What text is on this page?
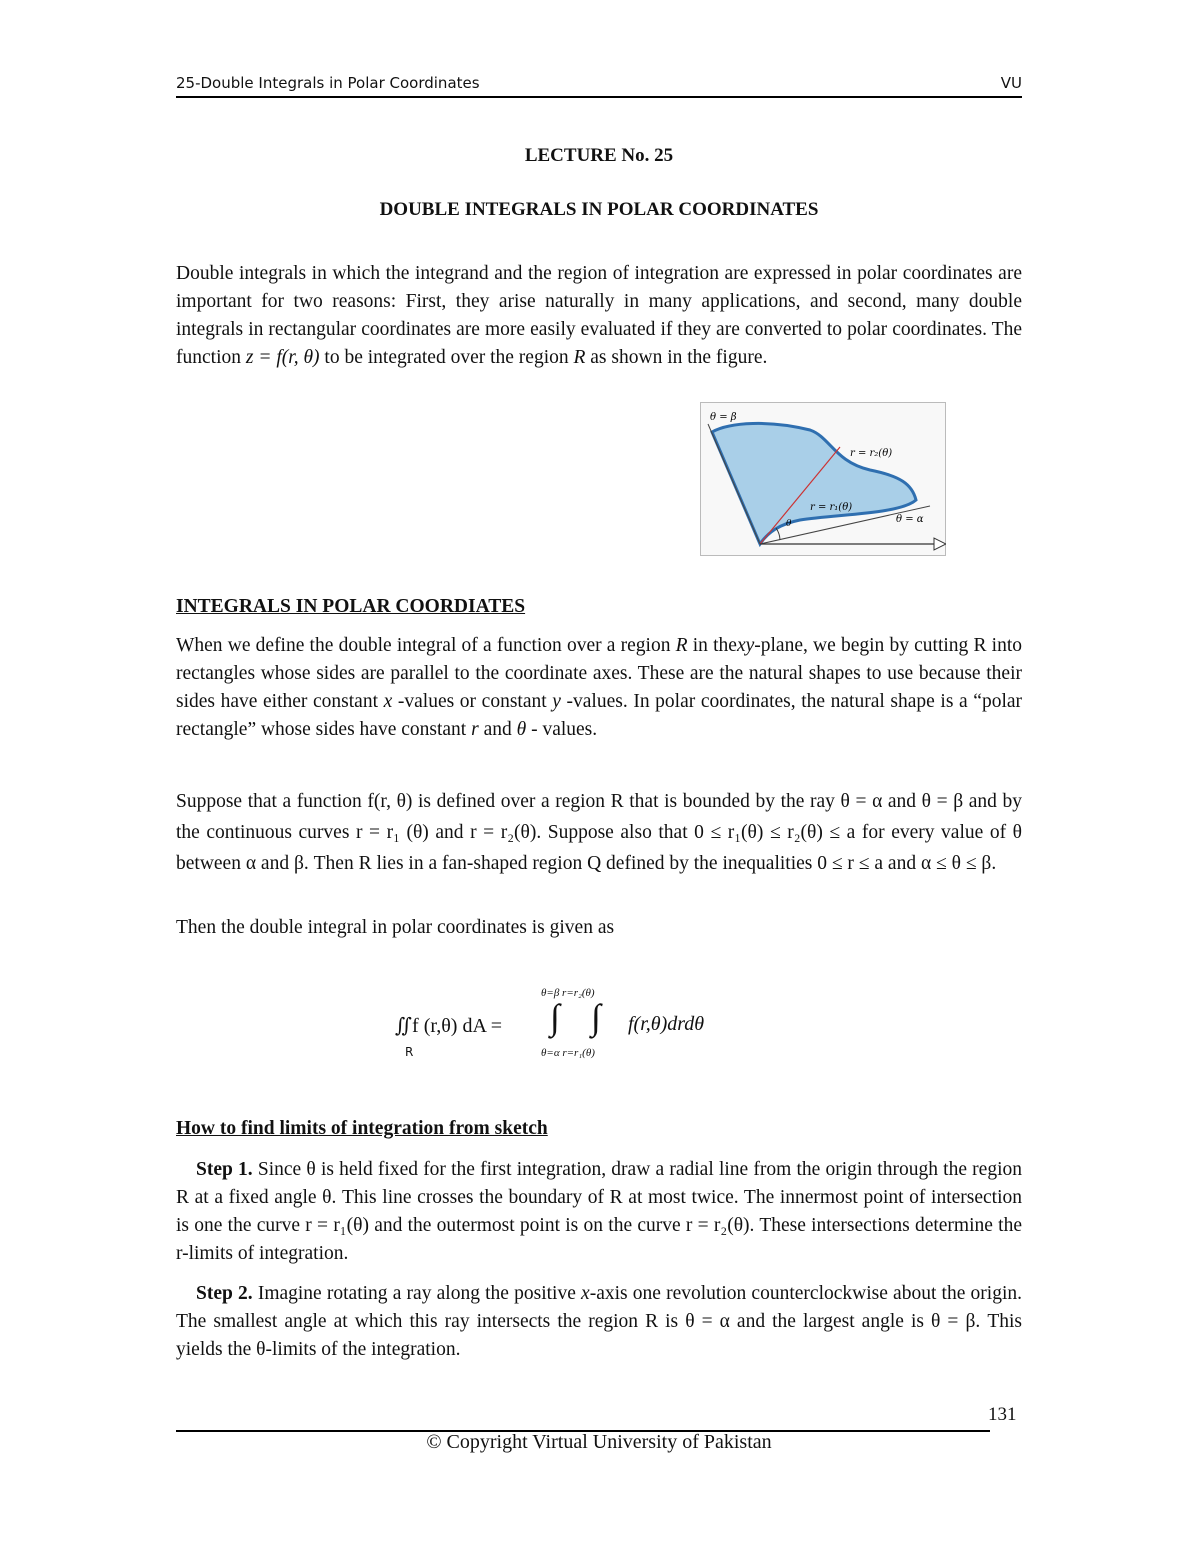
25-Double Integrals in Polar Coordinates	VU
LECTURE No. 25
DOUBLE INTEGRALS IN POLAR COORDINATES
Double integrals in which the integrand and the region of integration are expressed in polar coordinates are important for two reasons: First, they arise naturally in many applications, and second, many double integrals in rectangular coordinates are more easily evaluated if they are converted to polar coordinates. The function z = f(r, θ) to be integrated over the region R as shown in the figure.
θ = β
r = r₂(θ)
r = r₁(θ)
θ = α
θ
INTEGRALS IN POLAR COORDIATES
When we define the double integral of a function over a region R in thexy-plane, we begin by cutting R into rectangles whose sides are parallel to the coordinate axes. These are the natural shapes to use because their sides have either constant x -values or constant y -values. In polar coordinates, the natural shape is a “polar rectangle” whose sides have constant r and θ - values.
Suppose that a function f(r, θ) is defined over a region R that is bounded by the ray θ = α and θ = β and by the continuous curves r = r₁ (θ) and r = r₂(θ). Suppose also that 0 ≤ r₁(θ) ≤ r₂(θ) ≤ a for every value of θ between α and β. Then R lies in a fan-shaped region Q defined by the inequalities 0 ≤ r ≤ a and α ≤ θ ≤ β.
Then the double integral in polar coordinates is given as
∬f (r,θ) dA =
R
θ=β r=r₂(θ)
∫ ∫
θ=α r=r₁(θ)
f(r,θ)drdθ
How to find limits of integration from sketch
Step 1. Since θ is held fixed for the first integration, draw a radial line from the origin through the region R at a fixed angle θ. This line crosses the boundary of R at most twice. The innermost point of intersection is one the curve r = r₁(θ) and the outermost point is on the curve r = r₂(θ). These intersections determine the r-limits of integration.
Step 2. Imagine rotating a ray along the positive x-axis one revolution counterclockwise about the origin. The smallest angle at which this ray intersects the region R is θ = α and the largest angle is θ = β. This yields the θ-limits of the integration.
131
© Copyright Virtual University of Pakistan
